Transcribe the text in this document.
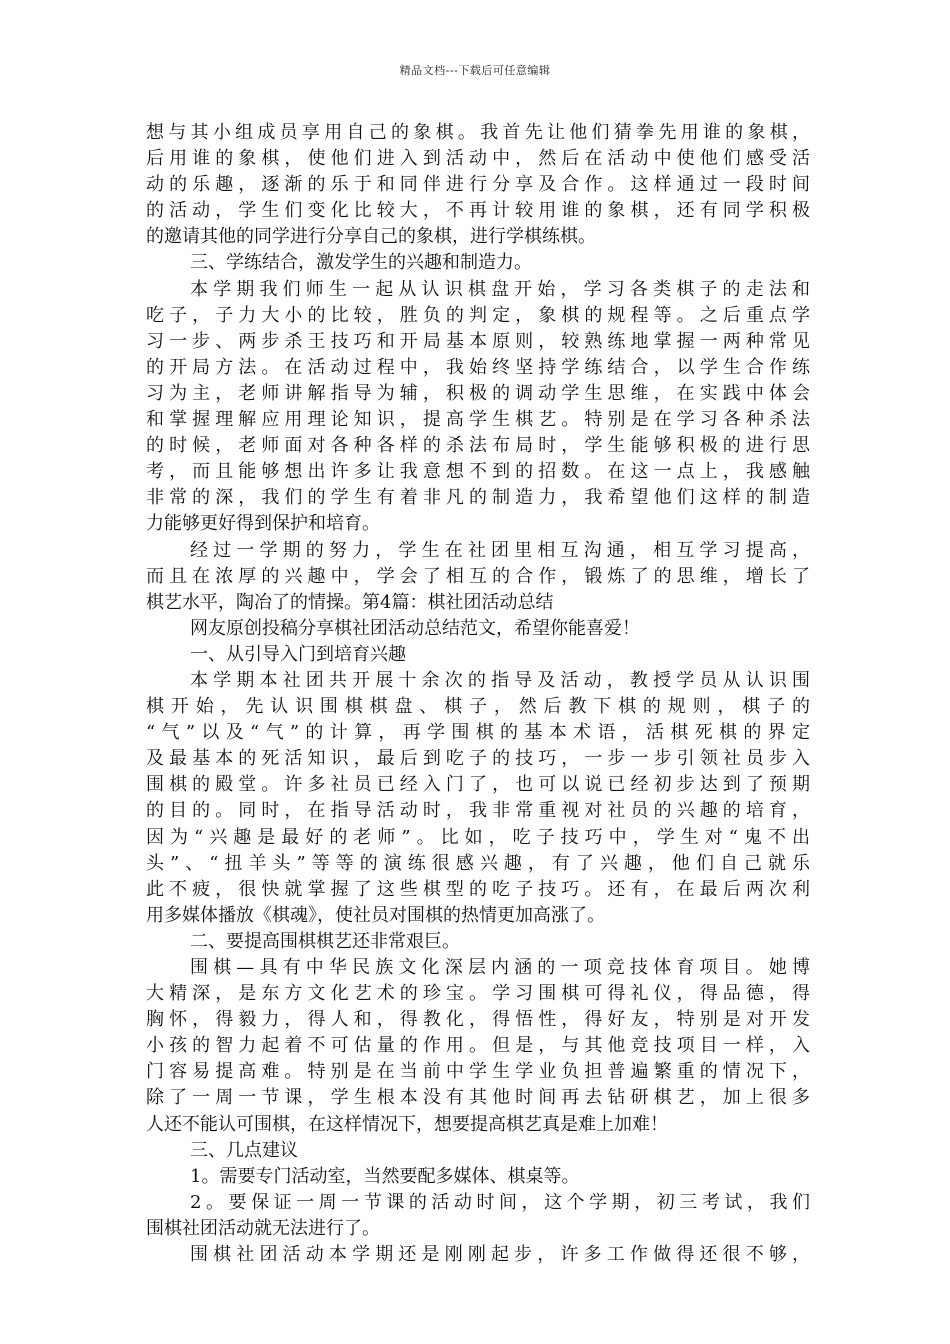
精品文档---下载后可任意编辑
想与其小组成员享用自己的象棋。我首先让他们猜拳先用谁的象棋，
后用谁的象棋，使他们进入到活动中，然后在活动中使他们感受活
动的乐趣，逐渐的乐于和同伴进行分享及合作。这样通过一段时间
的活动，学生们变化比较大，不再计较用谁的象棋，还有同学积极
的邀请其他的同学进行分享自己的象棋，进行学棋练棋。
三、学练结合，激发学生的兴趣和制造力。
本学期我们师生一起从认识棋盘开始，学习各类棋子的走法和
吃子，子力大小的比较，胜负的判定，象棋的规程等。之后重点学
习一步、两步杀王技巧和开局基本原则，较熟练地掌握一两种常见
的开局方法。在活动过程中，我始终坚持学练结合，以学生合作练
习为主，老师讲解指导为辅，积极的调动学生思维，在实践中体会
和掌握理解应用理论知识，提高学生棋艺。特别是在学习各种杀法
的时候，老师面对各种各样的杀法布局时，学生能够积极的进行思
考，而且能够想出许多让我意想不到的招数。在这一点上，我感触
非常的深，我们的学生有着非凡的制造力，我希望他们这样的制造
力能够更好得到保护和培育。
经过一学期的努力，学生在社团里相互沟通，相互学习提高，
而且在浓厚的兴趣中，学会了相互的合作，锻炼了的思维，增长了
棋艺水平，陶冶了的情操。第4篇：棋社团活动总结
网友原创投稿分享棋社团活动总结范文，希望你能喜爱！
一、从引导入门到培育兴趣
本学期本社团共开展十余次的指导及活动，教授学员从认识围
棋开始，先认识围棋棋盘、棋子，然后教下棋的规则，棋子的
“气”以及“气”的计算，再学围棋的基本术语，活棋死棋的界定
及最基本的死活知识，最后到吃子的技巧，一步一步引领社员步入
围棋的殿堂。许多社员已经入门了，也可以说已经初步达到了预期
的目的。同时，在指导活动时，我非常重视对社员的兴趣的培育，
因为“兴趣是最好的老师”。比如，吃子技巧中，学生对“鬼不出
头”、“扭羊头”等等的演练很感兴趣，有了兴趣，他们自己就乐
此不疲，很快就掌握了这些棋型的吃子技巧。还有，在最后两次利
用多媒体播放《棋魂》，使社员对围棋的热情更加高涨了。
二、要提高围棋棋艺还非常艰巨。
围棋—具有中华民族文化深层内涵的一项竞技体育项目。她博
大精深，是东方文化艺术的珍宝。学习围棋可得礼仪，得品德，得
胸怀，得毅力，得人和，得教化，得悟性，得好友，特别是对开发
小孩的智力起着不可估量的作用。但是，与其他竞技项目一样，入
门容易提高难。特别是在当前中学生学业负担普遍繁重的情况下，
除了一周一节课，学生根本没有其他时间再去钻研棋艺，加上很多
人还不能认可围棋，在这样情况下，想要提高棋艺真是难上加难！
三、几点建议
1。需要专门活动室，当然要配多媒体、棋桌等。
2。要保证一周一节课的活动时间，这个学期，初三考试，我们
围棋社团活动就无法进行了。
围棋社团活动本学期还是刚刚起步，许多工作做得还很不够，
